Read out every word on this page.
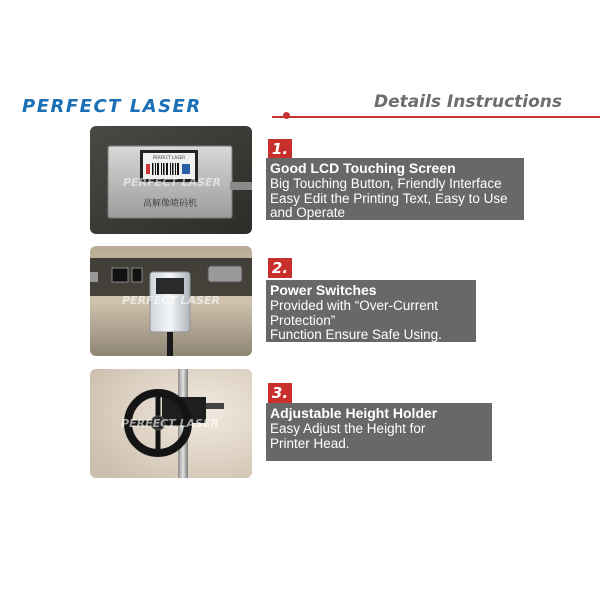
PERFECT LASER	Details Instructions
PERFECT LASER
高解像喷码机
PERFECT LASER
PERFECT LASER
PERFECT LASER
1.
Good LCD Touching Screen
Big Touching Button, Friendly Interface
Easy Edit the Printing Text, Easy to Use
and Operate
2.
Power Switches
Provided with “Over-Current
Protection”
Function Ensure Safe Using.
3.
Adjustable Height Holder
Easy Adjust the Height for
Printer Head.
